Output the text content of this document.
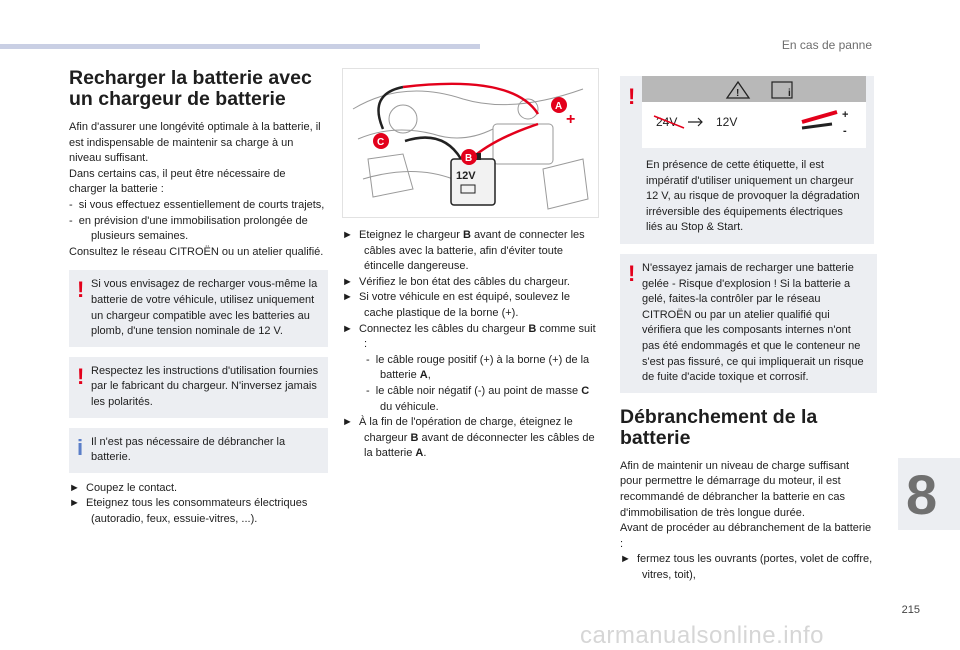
En cas de panne
8
215
carmanualsonline.info
Recharger la batterie avec un chargeur de batterie

Afin d'assurer une longévité optimale à la batterie, il est indispensable de maintenir sa charge à un niveau suffisant.

Dans certains cas, il peut être nécessaire de charger la batterie :

-  si vous effectuez essentiellement de courts trajets,

-  en prévision d'une immobilisation prolongée de plusieurs semaines.

Consultez le réseau CITROËN ou un atelier qualifié.

! Si vous envisagez de recharger vous-même la batterie de votre véhicule, utilisez uniquement un chargeur compatible avec les batteries au plomb, d'une tension nominale de 12 V.

! Respectez les instructions d'utilisation fournies par le fabricant du chargeur. N'inversez jamais les polarités.

i Il n'est pas nécessaire de débrancher la batterie.

►  Coupez le contact.

►  Eteignez tous les consommateurs électriques (autoradio, feux, essuie-vitres, ...).

12V
A
B
C
+

►  Eteignez le chargeur B avant de connecter les câbles avec la batterie, afin d'éviter toute étincelle dangereuse.

►  Vérifiez le bon état des câbles du chargeur.

►  Si votre véhicule en est équipé, soulevez le cache plastique de la borne (+).

►  Connectez les câbles du chargeur B comme suit :

-  le câble rouge positif (+) à la borne (+) de la batterie A,

-  le câble noir négatif (-) au point de masse C du véhicule.

►  À la fin de l'opération de charge, éteignez le chargeur B avant de déconnecter les câbles de la batterie A.

!	!	i
24V	12V	+
-

En présence de cette étiquette, il est impératif d'utiliser uniquement un chargeur 12 V, au risque de provoquer la dégradation irréversible des équipements électriques liés au Stop & Start.

! N'essayez jamais de recharger une batterie gelée - Risque d'explosion ! Si la batterie a gelé, faites-la contrôler par le réseau CITROËN ou par un atelier qualifié qui vérifiera que les composants internes n'ont pas été endommagés et que le conteneur ne s'est pas fissuré, ce qui impliquerait un risque de fuite d'acide toxique et corrosif.

Débranchement de la batterie

Afin de maintenir un niveau de charge suffisant pour permettre le démarrage du moteur, il est recommandé de débrancher la batterie en cas d'immobilisation de très longue durée.

Avant de procéder au débranchement de la batterie :

►  fermez tous les ouvrants (portes, volet de coffre, vitres, toit),
